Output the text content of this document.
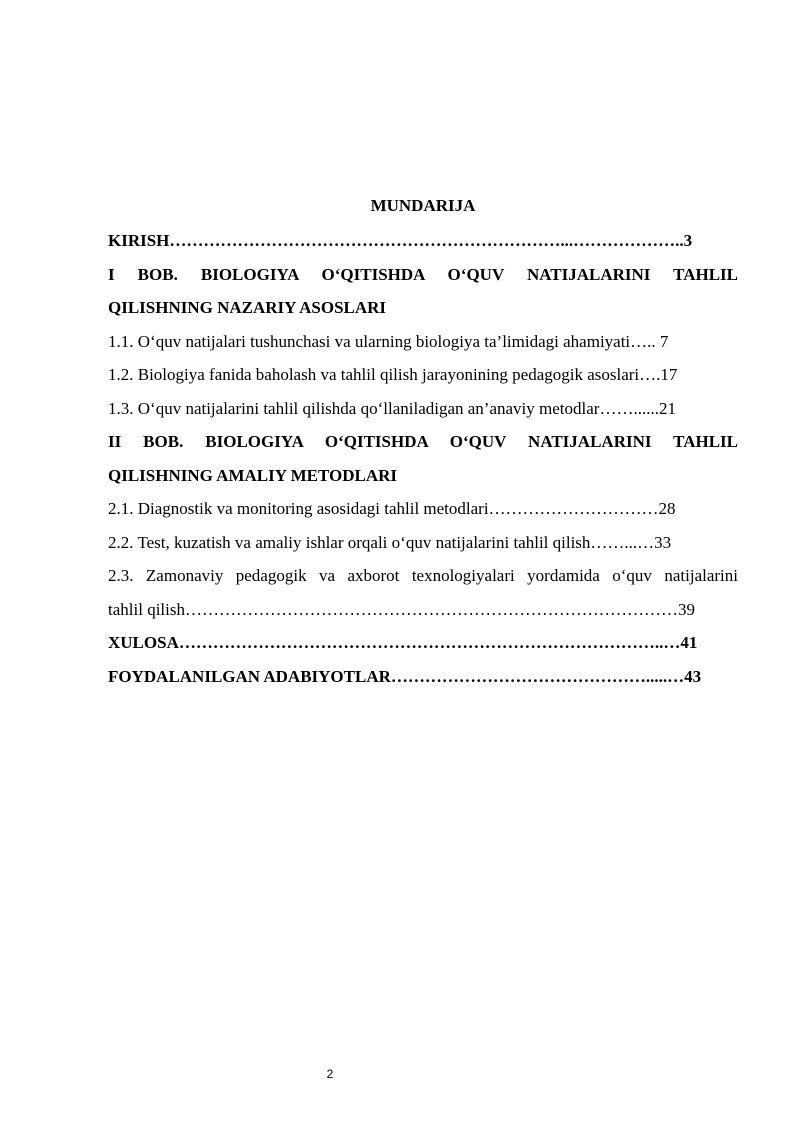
MUNDARIJA
KIRISH……………………………………………………………...………………..3
I BOB. BIOLOGIYA O‘QITISHDA O‘QUV NATIJALARINI TAHLIL
QILISHNING NAZARIY ASOSLARI
1.1. O‘quv natijalari tushunchasi va ularning biologiya ta’limidagi ahamiyati….. 7
1.2. Biologiya fanida baholash va tahlil qilish jarayonining pedagogik asoslari….17
1.3. O‘quv natijalarini tahlil qilishda qo‘llaniladigan an’anaviy metodlar……......21
II BOB. BIOLOGIYA O‘QITISHDA O‘QUV NATIJALARINI TAHLIL
QILISHNING AMALIY METODLARI
2.1. Diagnostik va monitoring asosidagi tahlil metodlari…………………………28
2.2. Test, kuzatish va amaliy ishlar orqali o‘quv natijalarini tahlil qilish……...…33
2.3. Zamonaviy pedagogik va axborot texnologiyalari yordamida o‘quv natijalarini
tahlil qilish……………………………………………………………………………39
XULOSA…………………………………………………………………………..…41
FOYDALANILGAN ADABIYOTLAR……………………………………….....…43
2
